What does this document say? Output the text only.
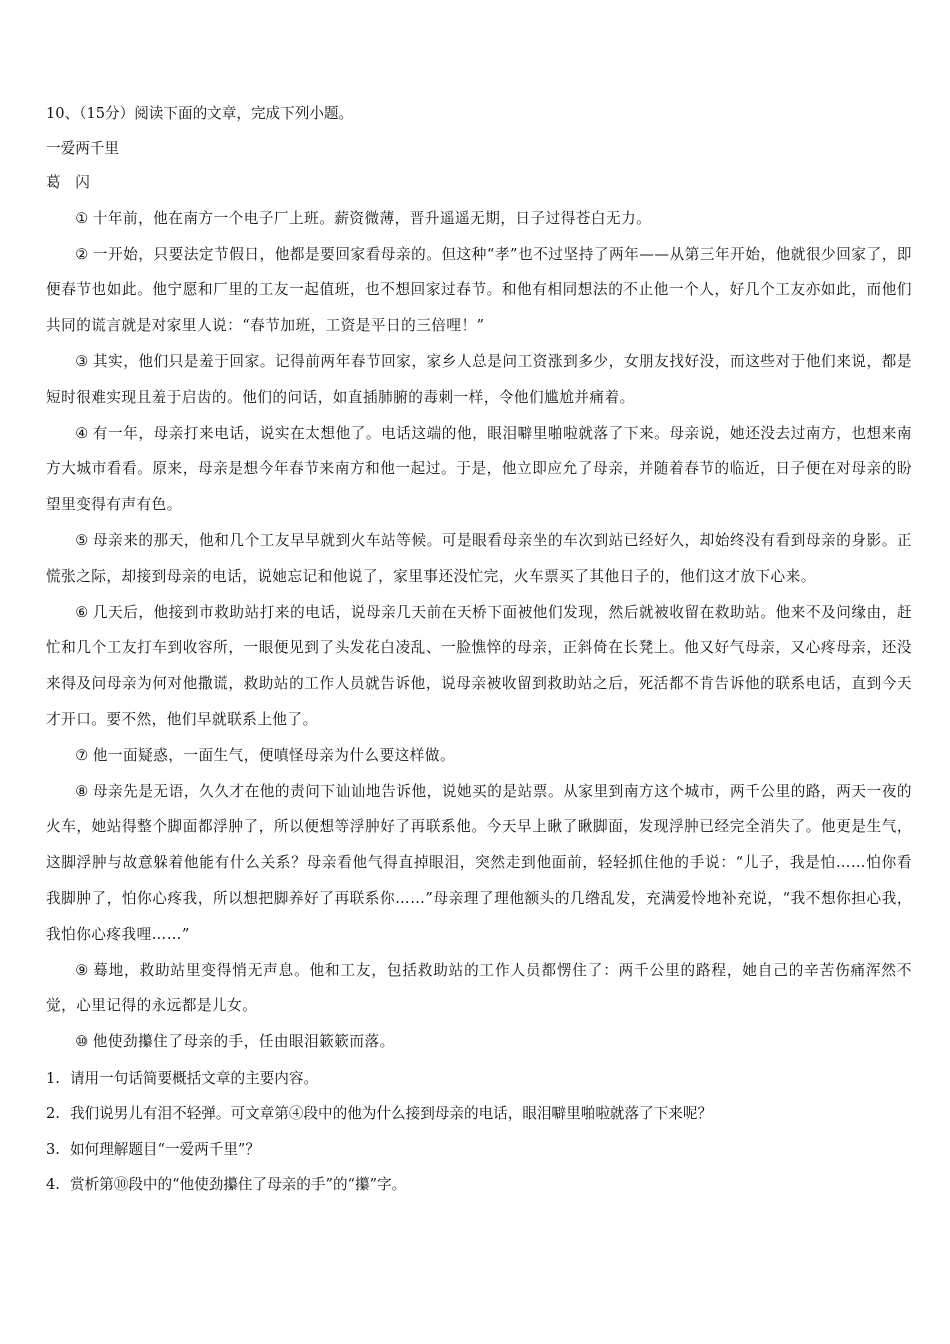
10、（15分）阅读下面的文章，完成下列小题。

一爱两千里

葛　闪

① 十年前，他在南方一个电子厂上班。薪资微薄，晋升遥遥无期，日子过得苍白无力。

② 一开始，只要法定节假日，他都是要回家看母亲的。但这种“孝”也不过坚持了两年——从第三年开始，他就很少回家了，即便春节也如此。他宁愿和厂里的工友一起值班，也不想回家过春节。和他有相同想法的不止他一个人，好几个工友亦如此，而他们共同的谎言就是对家里人说：“春节加班，工资是平日的三倍哩！”

③ 其实，他们只是羞于回家。记得前两年春节回家，家乡人总是问工资涨到多少，女朋友找好没，而这些对于他们来说，都是短时很难实现且羞于启齿的。他们的问话，如直插肺腑的毒刺一样，令他们尴尬并痛着。

④ 有一年，母亲打来电话，说实在太想他了。电话这端的他，眼泪噼里啪啦就落了下来。母亲说，她还没去过南方，也想来南方大城市看看。原来，母亲是想今年春节来南方和他一起过。于是，他立即应允了母亲，并随着春节的临近，日子便在对母亲的盼望里变得有声有色。

⑤ 母亲来的那天，他和几个工友早早就到火车站等候。可是眼看母亲坐的车次到站已经好久，却始终没有看到母亲的身影。正慌张之际，却接到母亲的电话，说她忘记和他说了，家里事还没忙完，火车票买了其他日子的，他们这才放下心来。

⑥ 几天后，他接到市救助站打来的电话，说母亲几天前在天桥下面被他们发现，然后就被收留在救助站。他来不及问缘由，赶忙和几个工友打车到收容所，一眼便见到了头发花白凌乱、一脸憔悴的母亲，正斜倚在长凳上。他又好气母亲，又心疼母亲，还没来得及问母亲为何对他撒谎，救助站的工作人员就告诉他，说母亲被收留到救助站之后，死活都不肯告诉他的联系电话，直到今天才开口。要不然，他们早就联系上他了。

⑦ 他一面疑惑，一面生气，便嗔怪母亲为什么要这样做。

⑧ 母亲先是无语，久久才在他的责问下讪讪地告诉他，说她买的是站票。从家里到南方这个城市，两千公里的路，两天一夜的火车，她站得整个脚面都浮肿了，所以便想等浮肿好了再联系他。今天早上瞅了瞅脚面，发现浮肿已经完全消失了。他更是生气，这脚浮肿与故意躲着他能有什么关系？母亲看他气得直掉眼泪，突然走到他面前，轻轻抓住他的手说：“儿子，我是怕……怕你看我脚肿了，怕你心疼我，所以想把脚养好了再联系你……”母亲理了理他额头的几绺乱发，充满爱怜地补充说，“我不想你担心我，我怕你心疼我哩……”

⑨ 蓦地，救助站里变得悄无声息。他和工友，包括救助站的工作人员都愣住了：两千公里的路程，她自己的辛苦伤痛浑然不觉，心里记得的永远都是儿女。

⑩ 他使劲攥住了母亲的手，任由眼泪簌簌而落。

1. 请用一句话简要概括文章的主要内容。

2. 我们说男儿有泪不轻弹。可文章第④段中的他为什么接到母亲的电话，眼泪噼里啪啦就落了下来呢？

3. 如何理解题目“一爱两千里”？

4. 赏析第⑩段中的“他使劲攥住了母亲的手”的“攥”字。
